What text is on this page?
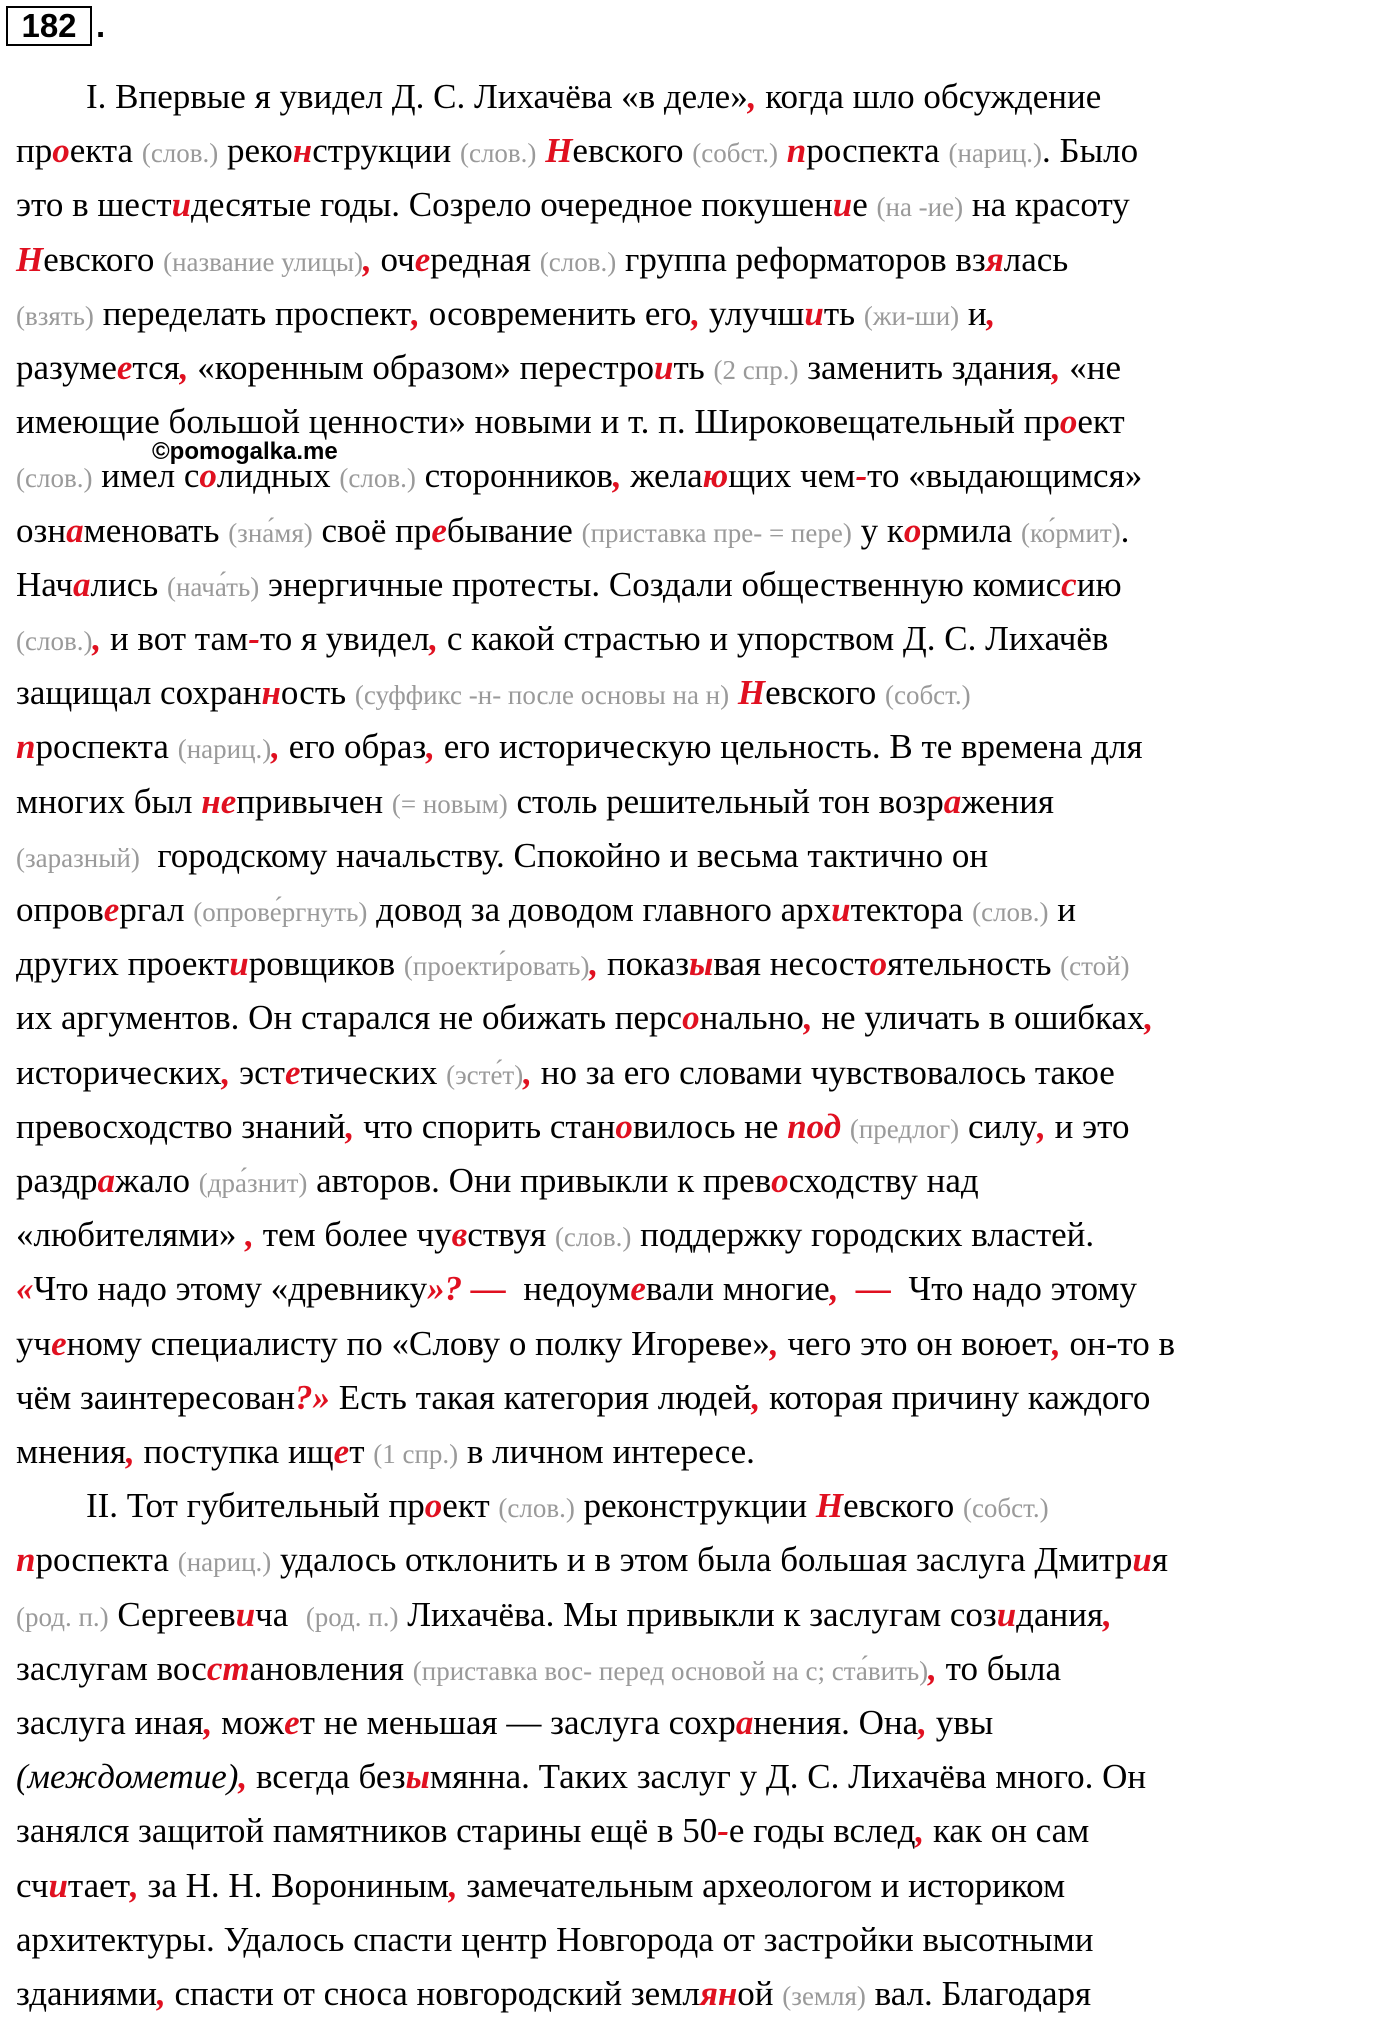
182 .
©pomogalka.me
I. Впервые я увидел Д. С. Лихачёва «в деле», когда шло обсуждение
проекта (слов.) реконструкции (слов.) Невского (собст.) проспекта (нариц.). Было
это в шестидесятые годы. Созрело очередное покушение (на -ие) на красоту
Невского (название улицы), очередная (слов.) группа реформаторов взялась
(взять) переделать проспект, осовременить его, улучшить (жи-ши) и,
разумеется, «коренным образом» перестроить (2 спр.) заменить здания, «не
имеющие большой ценности» новыми и т. п. Широковещательный проект
(слов.) имел солидных (слов.) сторонников, желающих чем-то «выдающимся»
ознаменовать (зна́мя) своё пребывание (приставка пре- = пере) у кормила (ко́рмит).
Начались (нача́ть) энергичные протесты. Создали общественную комиссию
(слов.), и вот там-то я увидел, с какой страстью и упорством Д. С. Лихачёв
защищал сохранность (суффикс -н- после основы на н) Невского (собст.)
проспекта (нариц.), его образ, его историческую цельность. В те времена для
многих был непривычен (= новым) столь решительный тон возражения
(заразный)  городскому начальству. Спокойно и весьма тактично он
опровергал (опрове́ргнуть) довод за доводом главного архитектора (слов.) и
других проектировщиков (проекти́ровать), показывая несостоятельность (стой)
их аргументов. Он старался не обижать персонально, не уличать в ошибках,
исторических, эстетических (эсте́т), но за его словами чувствовалось такое
превосходство знаний, что спорить становилось не под (предлог) силу, и это
раздражало (дра́знит) авторов. Они привыкли к превосходству над
«любителями» , тем более чувствуя (слов.) поддержку городских властей.
«Что надо этому «древнику»? —  недоумевали многие, —  Что надо этому
ученому специалисту по «Слову о полку Игореве», чего это он воюет, он-то в
чём заинтересован?» Есть такая категория людей, которая причину каждого
мнения, поступка ищет (1 спр.) в личном интересе.
II. Тот губительный проект (слов.) реконструкции Невского (собст.)
проспекта (нариц.) удалось отклонить и в этом была большая заслуга Дмитрия
(род. п.) Сергеевича  (род. п.) Лихачёва. Мы привыкли к заслугам созидания,
заслугам восстановления (приставка вос- перед основой на с; ста́вить), то была
заслуга иная, может не меньшая — заслуга сохранения. Она, увы
(междометие), всегда безымянна. Таких заслуг у Д. С. Лихачёва много. Он
занялся защитой памятников старины ещё в 50-е годы вслед, как он сам
считает, за Н. Н. Ворониным, замечательным археологом и историком
архитектуры. Удалось спасти центр Новгорода от застройки высотными
зданиями, спасти от сноса новгородский земляной (земля) вал. Благодаря
